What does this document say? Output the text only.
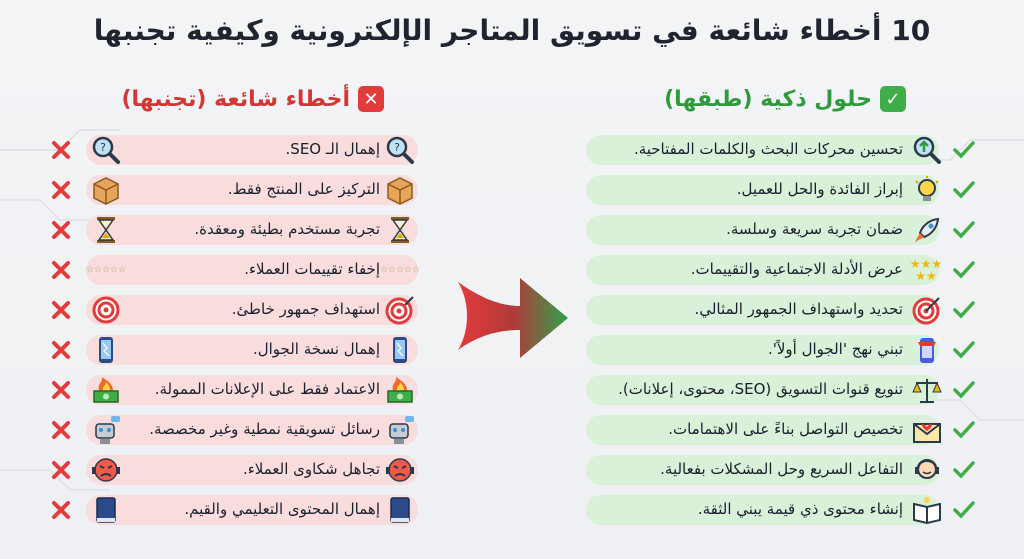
10 أخطاء شائعة في تسويق المتاجر الإلكترونية وكيفية تجنبها
✓
حلول ذكية (طبقها)
✕
أخطاء شائعة (تجنبها)
تحسين محركات البحث والكلمات المفتاحية.
إبراز الفائدة والحل للعميل.
ضمان تجربة سريعة وسلسة.
★★★
★★
عرض الأدلة الاجتماعية والتقييمات.
تحديد واستهداف الجمهور المثالي.
تبني نهج 'الجوال أولاً'.
تنويع قنوات التسويق (SEO، محتوى، إعلانات).
تخصيص التواصل بناءً على الاهتمامات.
التفاعل السريع وحل المشكلات بفعالية.
إنشاء محتوى ذي قيمة يبني الثقة.
?	?
إهمال الـ SEO.
التركيز على المنتج فقط.
تجربة مستخدم بطيئة ومعقدة.
☆☆☆☆☆	☆☆☆☆☆
إخفاء تقييمات العملاء.
استهداف جمهور خاطئ.
إهمال نسخة الجوال.
الاعتماد فقط على الإعلانات الممولة.
رسائل تسويقية نمطية وغير مخصصة.
تجاهل شكاوى العملاء.
إهمال المحتوى التعليمي والقيم.
